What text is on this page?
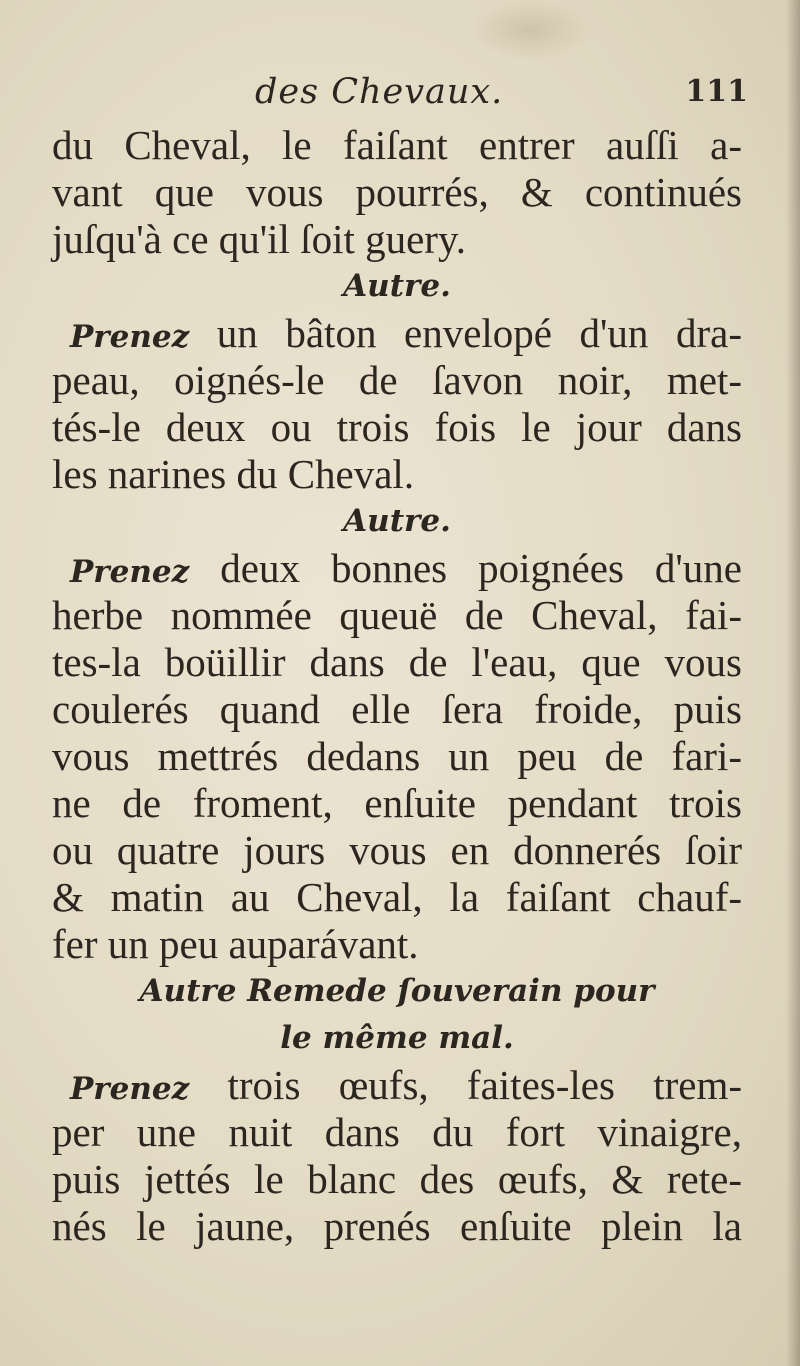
des Chevaux.	111
du Cheval, le faiſant entrer auſſi a-
vant que vous pourrés, & continués
juſqu'à ce qu'il ſoit guery.
Autre.
Prenez un bâton envelopé d'un dra-
peau, oignés-le de ſavon noir, met-
tés-le deux ou trois fois le jour dans
les narines du Cheval.
Autre.
Prenez deux bonnes poignées d'une
herbe nommée queuë de Cheval, fai-
tes-la boüillir dans de l'eau, que vous
coulerés quand elle ſera froide, puis
vous mettrés dedans un peu de fari-
ne de froment, enſuite pendant trois
ou quatre jours vous en donnerés ſoir
& matin au Cheval, la faiſant chauf-
fer un peu auparávant.
Autre Remede ſouverain pour
le même mal.
Prenez trois œufs, faites-les trem-
per une nuit dans du fort vinaigre,
puis jettés le blanc des œufs, & rete-
nés le jaune, prenés enſuite plein la
